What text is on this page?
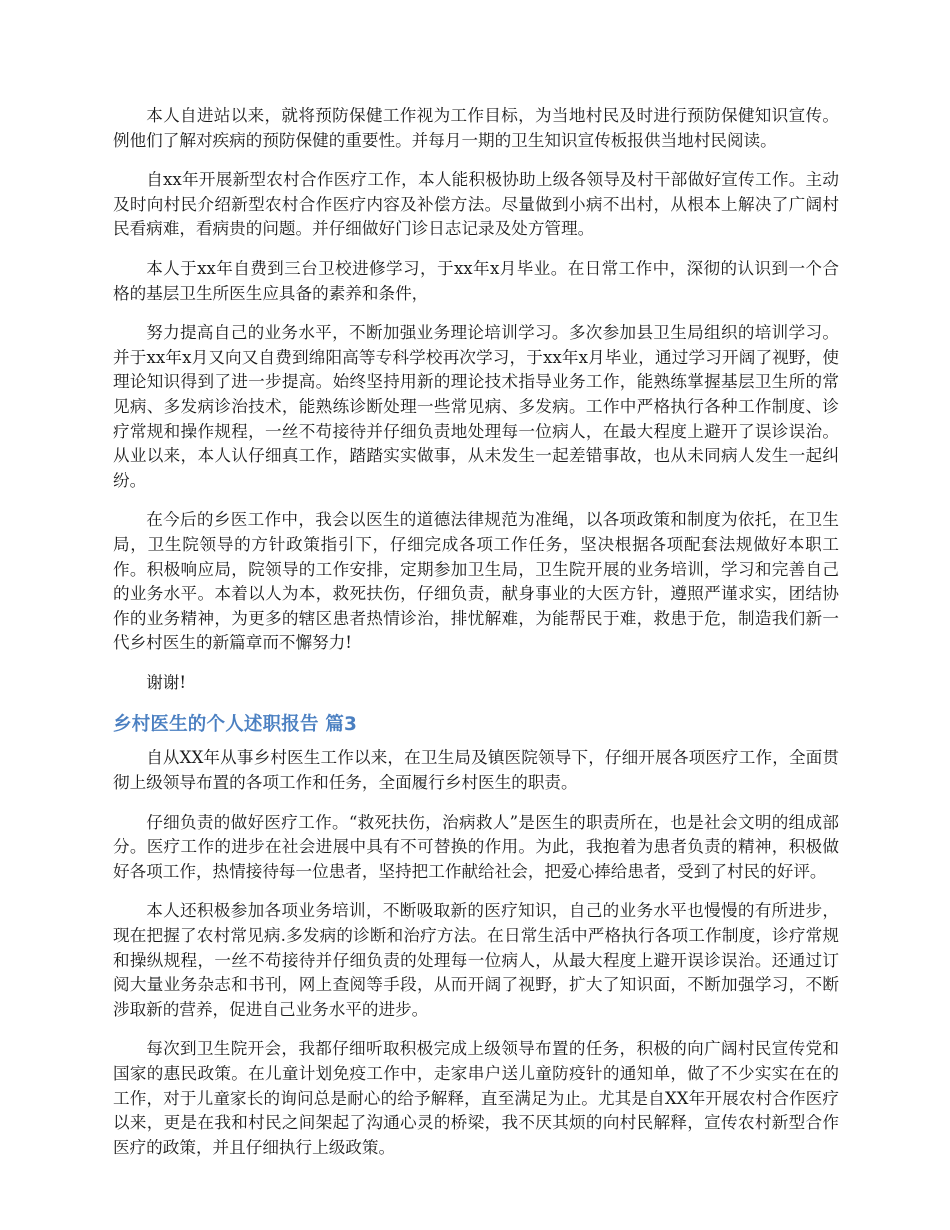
本人自进站以来，就将预防保健工作视为工作目标，为当地村民及时进行预防保健知识宣传。例他们了解对疾病的预防保健的重要性。并每月一期的卫生知识宣传板报供当地村民阅读。

自xx年开展新型农村合作医疗工作，本人能积极协助上级各领导及村干部做好宣传工作。主动及时向村民介绍新型农村合作医疗内容及补偿方法。尽量做到小病不出村，从根本上解决了广阔村民看病难，看病贵的问题。并仔细做好门诊日志记录及处方管理。

本人于xx年自费到三台卫校进修学习，于xx年x月毕业。在日常工作中，深彻的认识到一个合格的基层卫生所医生应具备的素养和条件，

努力提高自己的业务水平，不断加强业务理论培训学习。多次参加县卫生局组织的培训学习。并于xx年x月又向又自费到绵阳高等专科学校再次学习，于xx年x月毕业，通过学习开阔了视野，使理论知识得到了进一步提高。始终坚持用新的理论技术指导业务工作，能熟练掌握基层卫生所的常见病、多发病诊治技术，能熟练诊断处理一些常见病、多发病。工作中严格执行各种工作制度、诊疗常规和操作规程，一丝不苟接待并仔细负责地处理每一位病人，在最大程度上避开了误诊误治。从业以来，本人认仔细真工作，踏踏实实做事，从未发生一起差错事故，也从未同病人发生一起纠纷。

在今后的乡医工作中，我会以医生的道德法律规范为准绳，以各项政策和制度为依托，在卫生局，卫生院领导的方针政策指引下，仔细完成各项工作任务，坚决根据各项配套法规做好本职工作。积极响应局，院领导的工作安排，定期参加卫生局，卫生院开展的业务培训，学习和完善自己的业务水平。本着以人为本，救死扶伤，仔细负责，献身事业的大医方针，遵照严谨求实，团结协作的业务精神，为更多的辖区患者热情诊治，排忧解难，为能帮民于难，救患于危，制造我们新一代乡村医生的新篇章而不懈努力!

谢谢!

乡村医生的个人述职报告 篇3

自从XX年从事乡村医生工作以来，在卫生局及镇医院领导下，仔细开展各项医疗工作，全面贯彻上级领导布置的各项工作和任务，全面履行乡村医生的职责。

仔细负责的做好医疗工作。“救死扶伤，治病救人”是医生的职责所在，也是社会文明的组成部分。医疗工作的进步在社会进展中具有不可替换的作用。为此，我抱着为患者负责的精神，积极做好各项工作，热情接待每一位患者，坚持把工作献给社会，把爱心捧给患者，受到了村民的好评。

本人还积极参加各项业务培训，不断吸取新的医疗知识，自己的业务水平也慢慢的有所进步，现在把握了农村常见病.多发病的诊断和治疗方法。在日常生活中严格执行各项工作制度，诊疗常规和操纵规程，一丝不苟接待并仔细负责的处理每一位病人，从最大程度上避开误诊误治。还通过订阅大量业务杂志和书刊，网上查阅等手段，从而开阔了视野，扩大了知识面，不断加强学习，不断涉取新的营养，促进自己业务水平的进步。

每次到卫生院开会，我都仔细听取积极完成上级领导布置的任务，积极的向广阔村民宣传党和国家的惠民政策。在儿童计划免疫工作中，走家串户送儿童防疫针的通知单，做了不少实实在在的工作，对于儿童家长的询问总是耐心的给予解释，直至满足为止。尤其是自XX年开展农村合作医疗以来，更是在我和村民之间架起了沟通心灵的桥梁，我不厌其烦的向村民解释，宣传农村新型合作医疗的政策，并且仔细执行上级政策。
